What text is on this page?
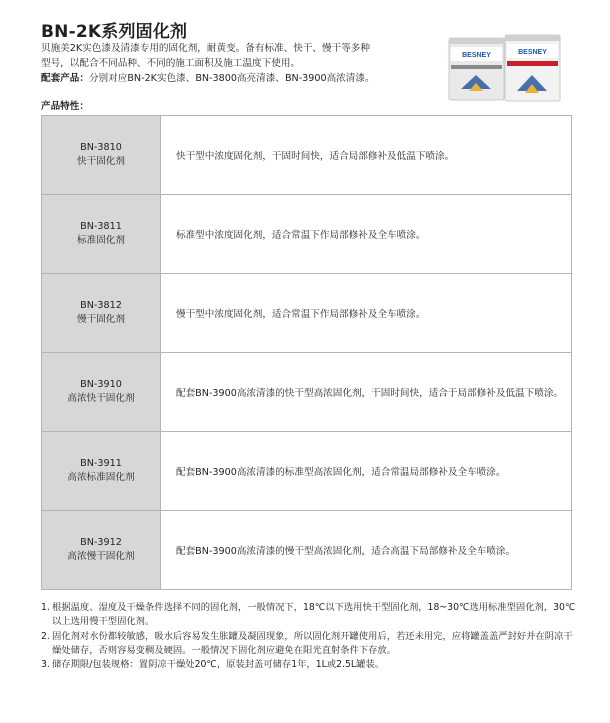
BN-2K系列固化剂

贝施美2K实色漆及清漆专用的固化剂，耐黄变。备有标准、快干、慢干等多种

型号，以配合不同品种、不同的施工面积及施工温度下使用。

配套产品：分别对应BN-2K实色漆、BN-3800高亮清漆、BN-3900高浓清漆。

BESNEY	BESNEY
产品特性：
BN-3810
快干固化剂	快干型中浓度固化剂，干固时间快，适合局部修补及低温下喷涂。
BN-3811
标准固化剂	标准型中浓度固化剂，适合常温下作局部修补及全车喷涂。
BN-3812
慢干固化剂	慢干型中浓度固化剂，适合常温下作局部修补及全车喷涂。
BN-3910
高浓快干固化剂	配套BN-3900高浓清漆的快干型高浓固化剂，干固时间快，适合于局部修补及低温下喷涂。
BN-3911
高浓标准固化剂	配套BN-3900高浓清漆的标准型高浓固化剂，适合常温局部修补及全车喷涂。
BN-3912
高浓慢干固化剂	配套BN-3900高浓清漆的慢干型高浓固化剂，适合高温下局部修补及全车喷涂。
1. 根据温度、湿度及干燥条件选择不同的固化剂，一般情况下，18℃以下选用快干型固化剂，18~30℃选用标准型固化剂，30℃以上选用慢干型固化剂。
2. 固化剂对水份都较敏感，吸水后容易发生胀罐及凝固现象，所以固化剂开罐使用后，若还未用完，应将罐盖盖严封好并在阴凉干燥处储存，否则容易变稠及硬固。一般情况下固化剂应避免在阳光直射条件下存放。
3. 储存期限/包装规格：置阴凉干燥处20℃，原装封盖可储存1年，1L或2.5L罐装。
